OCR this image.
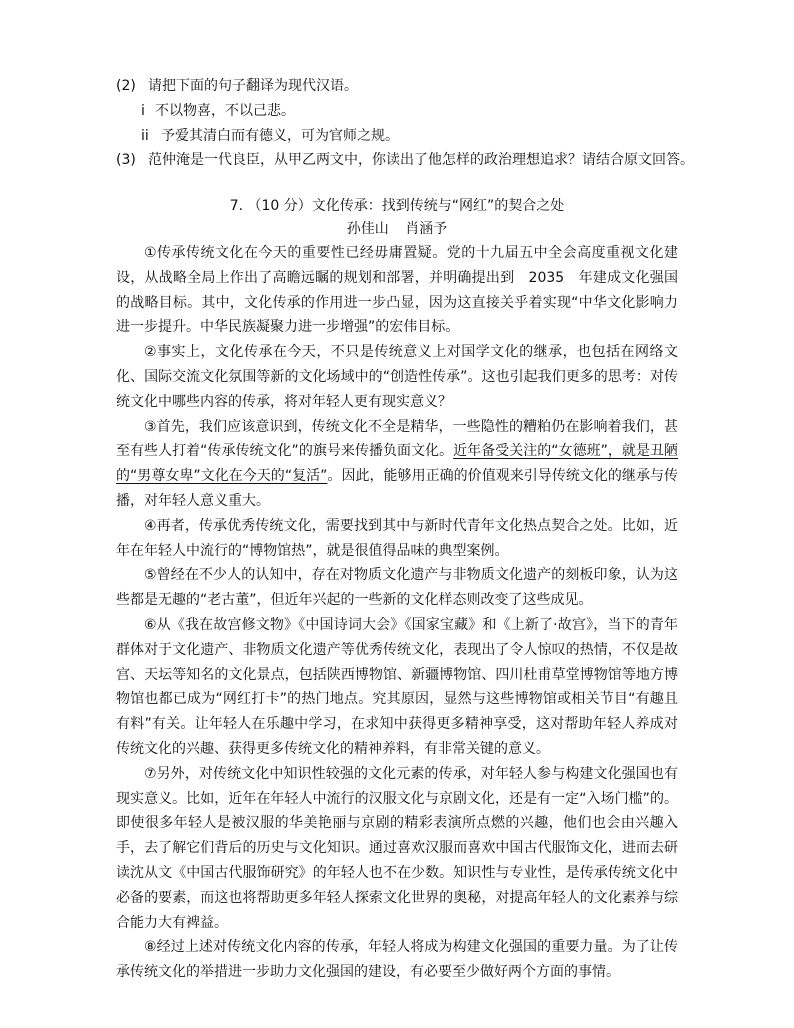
(2) 请把下面的句子翻译为现代汉语。
i 不以物喜，不以己悲。
ii 予爱其清白而有德义，可为官师之规。
(3) 范仲淹是一代良臣，从甲乙两文中，你读出了他怎样的政治理想追求？请结合原文回答。
7. （10 分）文化传承：找到传统与“网红”的契合之处
孙佳山 肖涵予

①传承传统文化在今天的重要性已经毋庸置疑。党的十九届五中全会高度重视文化建设，从战略全局上作出了高瞻远瞩的规划和部署，并明确提出到　2035　年建成文化强国的战略目标。其中，文化传承的作用进一步凸显，因为这直接关乎着实现“中华文化影响力进一步提升。中华民族凝聚力进一步增强”的宏伟目标。

②事实上，文化传承在今天，不只是传统意义上对国学文化的继承，也包括在网络文化、国际交流文化氛围等新的文化场域中的“创造性传承”。这也引起我们更多的思考：对传统文化中哪些内容的传承，将对年轻人更有现实意义？

③首先，我们应该意识到，传统文化不全是精华，一些隐性的糟粕仍在影响着我们，甚至有些人打着“传承传统文化”的旗号来传播负面文化。近年备受关注的“女德班”，就是丑陋的“男尊女卑”文化在今天的“复活”。因此，能够用正确的价值观来引导传统文化的继承与传播，对年轻人意义重大。

④再者，传承优秀传统文化，需要找到其中与新时代青年文化热点契合之处。比如，近年在年轻人中流行的“博物馆热”，就是很值得品味的典型案例。

⑤曾经在不少人的认知中，存在对物质文化遗产与非物质文化遗产的刻板印象，认为这些都是无趣的“老古董”，但近年兴起的一些新的文化样态则改变了这些成见。

⑥从《我在故宫修文物》《中国诗词大会》《国家宝藏》和《上新了·故宫》，当下的青年群体对于文化遗产、非物质文化遗产等优秀传统文化，表现出了令人惊叹的热情，不仅是故宫、天坛等知名的文化景点，包括陕西博物馆、新疆博物馆、四川杜甫草堂博物馆等地方博物馆也都已成为“网红打卡”的热门地点。究其原因，显然与这些博物馆或相关节目“有趣且有料”有关。让年轻人在乐趣中学习，在求知中获得更多精神享受，这对帮助年轻人养成对传统文化的兴趣、获得更多传统文化的精神养料，有非常关键的意义。

⑦另外，对传统文化中知识性较强的文化元素的传承，对年轻人参与构建文化强国也有现实意义。比如，近年在年轻人中流行的汉服文化与京剧文化，还是有一定“入场门槛”的。即使很多年轻人是被汉服的华美艳丽与京剧的精彩表演所点燃的兴趣，他们也会由兴趣入手，去了解它们背后的历史与文化知识。通过喜欢汉服而喜欢中国古代服饰文化，进而去研读沈从文《中国古代服饰研究》的年轻人也不在少数。知识性与专业性，是传承传统文化中必备的要素，而这也将帮助更多年轻人探索文化世界的奥秘，对提高年轻人的文化素养与综合能力大有裨益。

⑧经过上述对传统文化内容的传承，年轻人将成为构建文化强国的重要力量。为了让传承传统文化的举措进一步助力文化强国的建设，有必要至少做好两个方面的事情。
